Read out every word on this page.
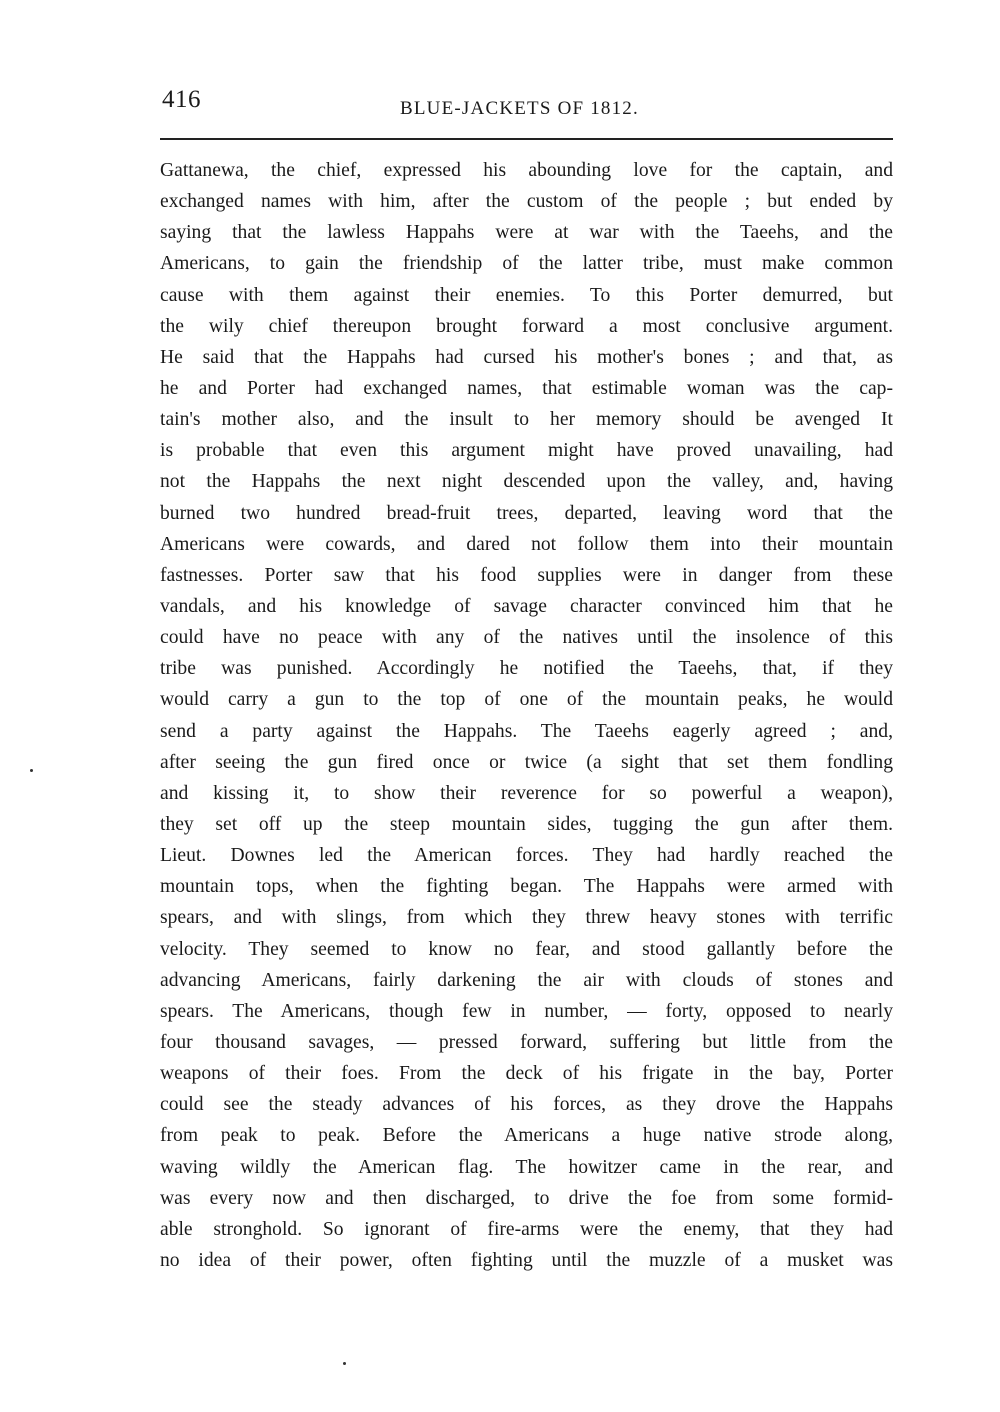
416	BLUE-JACKETS OF 1812.
Gattanewa, the chief, expressed his abounding love for the captain, and
exchanged names with him, after the custom of the people ; but ended by
saying that the lawless Happahs were at war with the Taeehs, and the
Americans, to gain the friendship of the latter tribe, must make common
cause with them against their enemies. To this Porter demurred, but
the wily chief thereupon brought forward a most conclusive argument.
He said that the Happahs had cursed his mother's bones ; and that, as
he and Porter had exchanged names, that estimable woman was the cap-
tain's mother also, and the insult to her memory should be avenged It
is probable that even this argument might have proved unavailing, had
not the Happahs the next night descended upon the valley, and, having
burned two hundred bread-fruit trees, departed, leaving word that the
Americans were cowards, and dared not follow them into their mountain
fastnesses. Porter saw that his food supplies were in danger from these
vandals, and his knowledge of savage character convinced him that he
could have no peace with any of the natives until the insolence of this
tribe was punished. Accordingly he notified the Taeehs, that, if they
would carry a gun to the top of one of the mountain peaks, he would
send a party against the Happahs. The Taeehs eagerly agreed ; and,
after seeing the gun fired once or twice (a sight that set them fondling
and kissing it, to show their reverence for so powerful a weapon),
they set off up the steep mountain sides, tugging the gun after them.
Lieut. Downes led the American forces. They had hardly reached the
mountain tops, when the fighting began. The Happahs were armed with
spears, and with slings, from which they threw heavy stones with terrific
velocity. They seemed to know no fear, and stood gallantly before the
advancing Americans, fairly darkening the air with clouds of stones and
spears. The Americans, though few in number, — forty, opposed to nearly
four thousand savages, — pressed forward, suffering but little from the
weapons of their foes. From the deck of his frigate in the bay, Porter
could see the steady advances of his forces, as they drove the Happahs
from peak to peak. Before the Americans a huge native strode along,
waving wildly the American flag. The howitzer came in the rear, and
was every now and then discharged, to drive the foe from some formid-
able stronghold. So ignorant of fire-arms were the enemy, that they had
no idea of their power, often fighting until the muzzle of a musket was
